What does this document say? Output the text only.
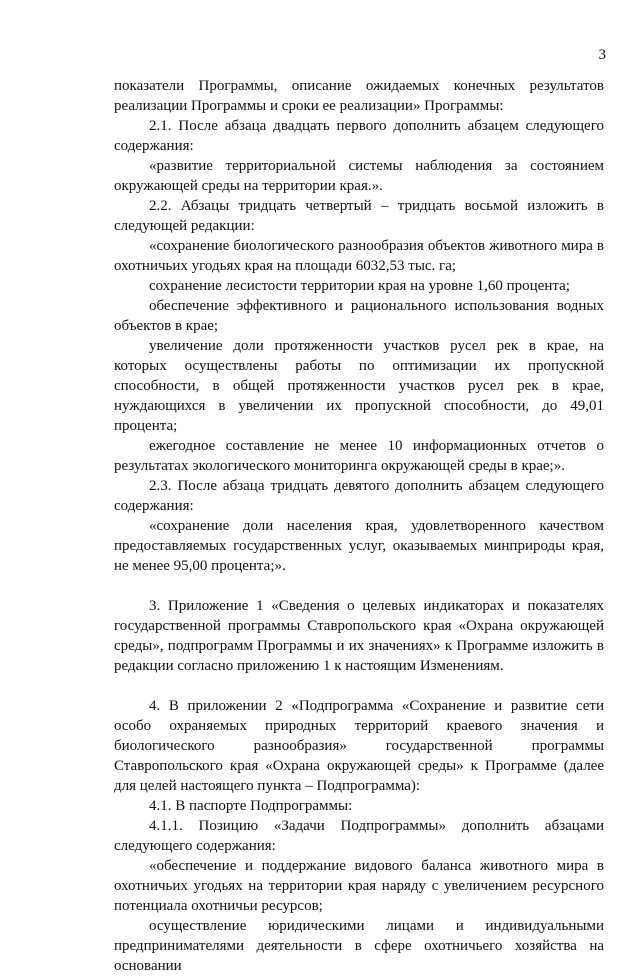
3

показатели Программы, описание ожидаемых конечных результатов реализации Программы и сроки ее реализации» Программы:

2.1. После абзаца двадцать первого дополнить абзацем следующего содержания:

«развитие территориальной системы наблюдения за состоянием окружающей среды на территории края.».

2.2. Абзацы тридцать четвертый – тридцать восьмой изложить в следующей редакции:

«сохранение биологического разнообразия объектов животного мира в охотничьих угодьях края на площади 6032,53 тыс. га;

сохранение лесистости территории края на уровне 1,60 процента;

обеспечение эффективного и рационального использования водных объектов в крае;

увеличение доли протяженности участков русел рек в крае, на которых осуществлены работы по оптимизации их пропускной способности, в общей протяженности участков русел рек в крае, нуждающихся в увеличении их пропускной способности, до 49,01 процента;

ежегодное составление не менее 10 информационных отчетов о результатах экологического мониторинга окружающей среды в крае;».

2.3. После абзаца тридцать девятого дополнить абзацем следующего содержания:

«сохранение доли населения края, удовлетворенного качеством предоставляемых государственных услуг, оказываемых минприроды края, не менее 95,00 процента;».

3. Приложение 1 «Сведения о целевых индикаторах и показателях государственной программы Ставропольского края «Охрана окружающей среды», подпрограмм Программы и их значениях» к Программе изложить в редакции согласно приложению 1 к настоящим Изменениям.

4. В приложении 2 «Подпрограмма «Сохранение и развитие сети особо охраняемых природных территорий краевого значения и биологического разнообразия» государственной программы Ставропольского края «Охрана окружающей среды» к Программе (далее для целей настоящего пункта – Подпрограмма):

4.1. В паспорте Подпрограммы:

4.1.1. Позицию «Задачи Подпрограммы» дополнить абзацами следующего содержания:

«обеспечение и поддержание видового баланса животного мира в охотничьих угодьях на территории края наряду с увеличением ресурсного потенциала охотничьи ресурсов;

осуществление юридическими лицами и индивидуальными предпринимателями деятельности в сфере охотничьего хозяйства на основании
